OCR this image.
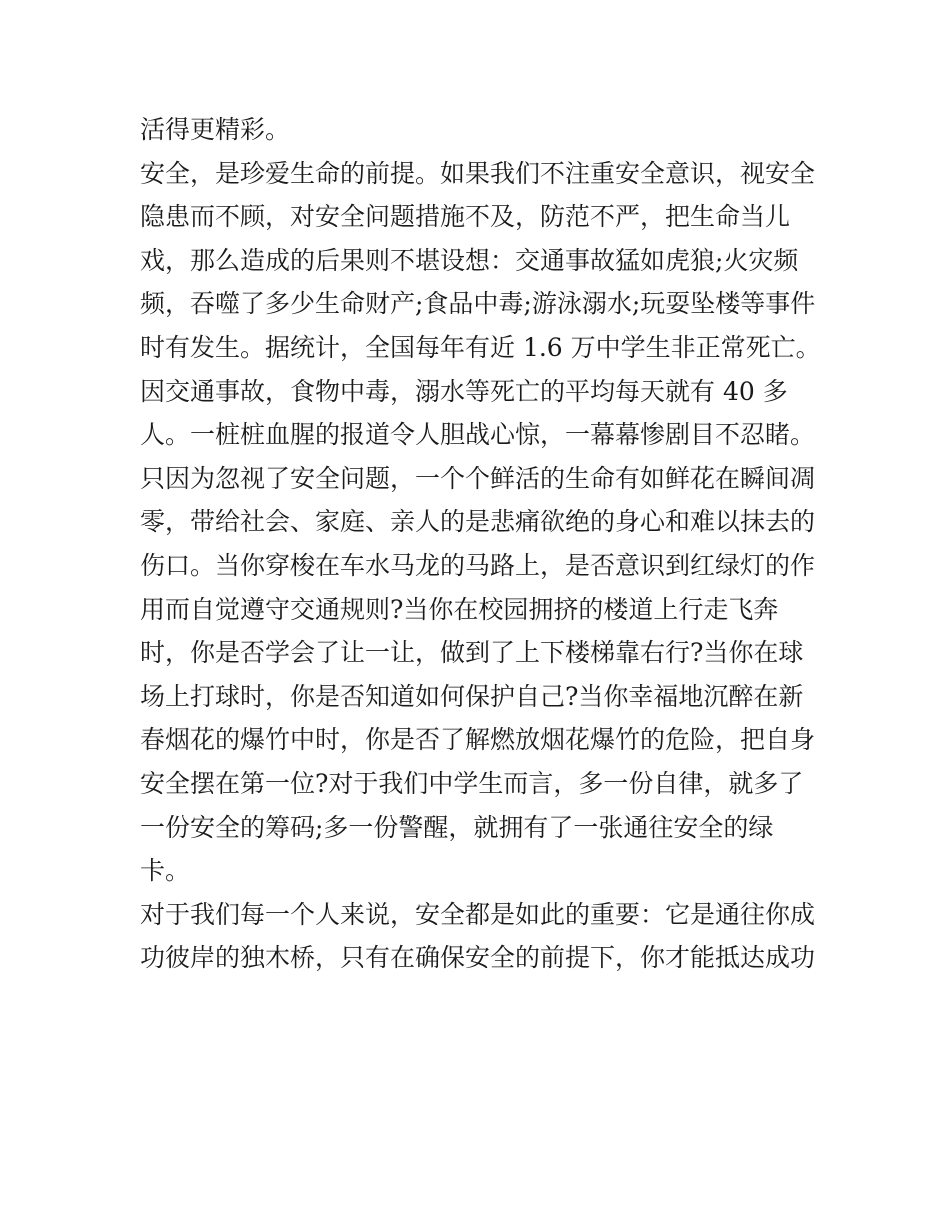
活得更精彩。
安全，是珍爱生命的前提。如果我们不注重安全意识，视安全
隐患而不顾，对安全问题措施不及，防范不严，把生命当儿
戏，那么造成的后果则不堪设想：交通事故猛如虎狼;火灾频
频，吞噬了多少生命财产;食品中毒;游泳溺水;玩耍坠楼等事件
时有发生。据统计，全国每年有近 1.6 万中学生非正常死亡。
因交通事故，食物中毒，溺水等死亡的平均每天就有 40 多
人。一桩桩血腥的报道令人胆战心惊，一幕幕惨剧目不忍睹。
只因为忽视了安全问题，一个个鲜活的生命有如鲜花在瞬间凋
零，带给社会、家庭、亲人的是悲痛欲绝的身心和难以抹去的
伤口。当你穿梭在车水马龙的马路上，是否意识到红绿灯的作
用而自觉遵守交通规则?当你在校园拥挤的楼道上行走飞奔
时，你是否学会了让一让，做到了上下楼梯靠右行?当你在球
场上打球时，你是否知道如何保护自己?当你幸福地沉醉在新
春烟花的爆竹中时，你是否了解燃放烟花爆竹的危险，把自身
安全摆在第一位?对于我们中学生而言，多一份自律，就多了
一份安全的筹码;多一份警醒，就拥有了一张通往安全的绿
卡。
对于我们每一个人来说，安全都是如此的重要：它是通往你成
功彼岸的独木桥，只有在确保安全的前提下，你才能抵达成功
